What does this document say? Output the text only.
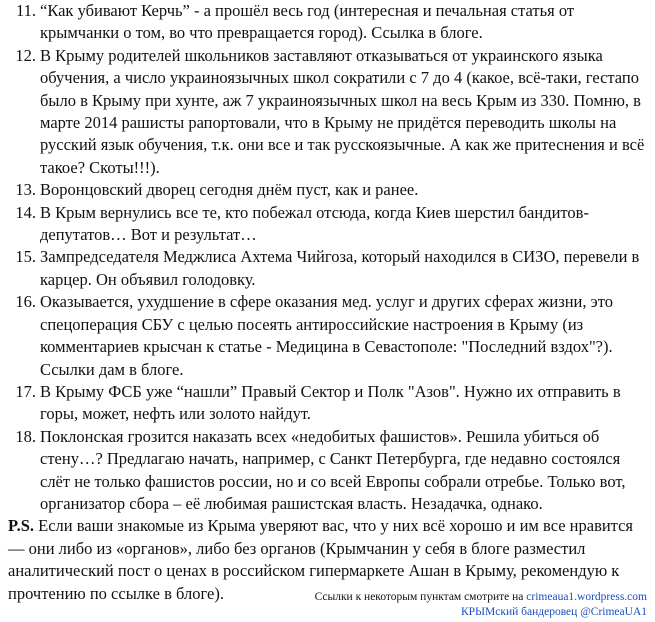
11. “Как убивают Керчь” - а прошёл весь год (интересная и печальная статья от крымчанки о том, во что превращается город). Ссылка в блоге.
12. В Крыму родителей школьников заставляют отказываться от украинского языка обучения, а число украиноязычных школ сократили с 7 до 4 (какое, всё-таки, гестапо было в Крыму при хунте, аж 7 украиноязычных школ на весь Крым из 330. Помню, в марте 2014 рашисты рапортовали, что в Крыму не придётся переводить школы на русский язык обучения, т.к. они все и так русскоязычные. А как же притеснения и всё такое? Скоты!!!).
13. Воронцовский дворец сегодня днём пуст, как и ранее.
14. В Крым вернулись все те, кто побежал отсюда, когда Киев шерстил бандитов-депутатов… Вот и результат…
15. Зампредседателя Меджлиса Ахтема Чийгоза, который находился в СИЗО, перевели в карцер. Он объявил голодовку.
16. Оказывается, ухудшение в сфере оказания мед. услуг и других сферах жизни, это спецоперация СБУ с целью посеять антироссийские настроения в Крыму (из комментариев крысчан к статье - Медицина в Севастополе: "Последний вздох"?). Ссылки дам в блоге.
17. В Крыму ФСБ уже “нашли” Правый Сектор и Полк "Азов". Нужно их отправить в горы, может, нефть или золото найдут.
18. Поклонская грозится наказать всех «недобитых фашистов». Решила убиться об стену…? Предлагаю начать, например, с Санкт Петербурга, где недавно состоялся слёт не только фашистов россии, но и со всей Европы собрали отребье. Только вот, организатор сбора – её любимая рашистская власть. Незадачка, однако.

P.S. Если ваши знакомые из Крыма уверяют вас, что у них всё хорошо и им все нравится — они либо из «органов», либо без органов (Крымчанин у себя в блоге разместил аналитический пост о ценах в российском гипермаркете Ашан в Крыму, рекомендую к прочтению по ссылке в блоге).	Ссылки к некоторым пунктам смотрите на crimeaua1.wordpress.com
КРЫМский бандеровец @CrimeaUA1
